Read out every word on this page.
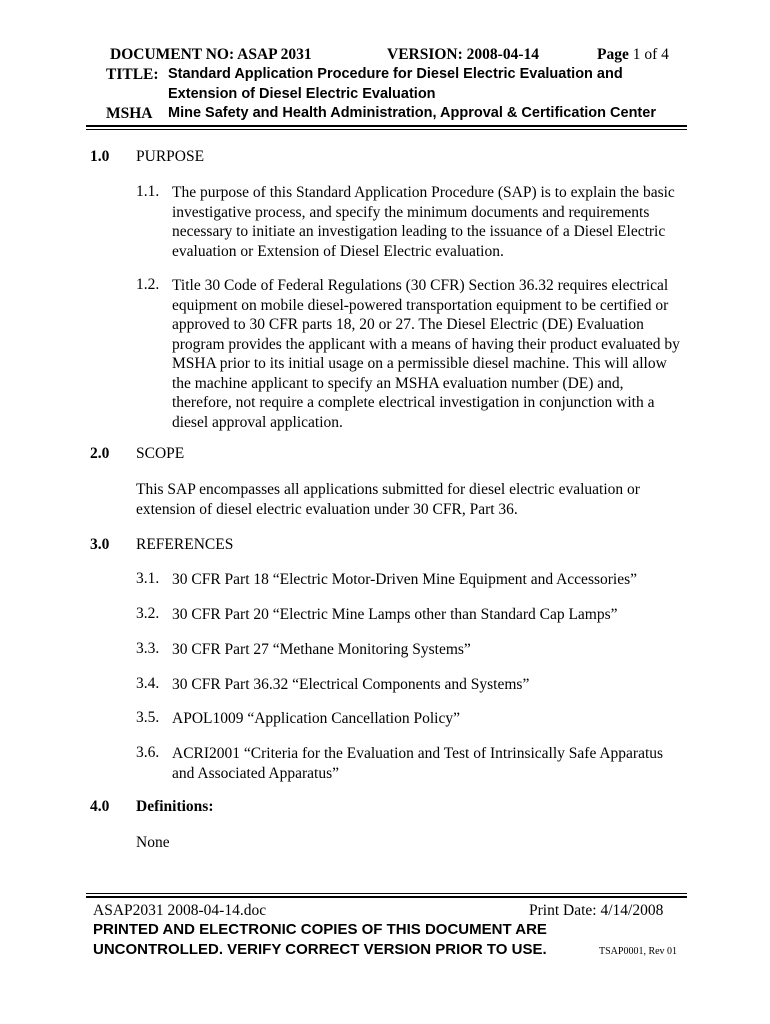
DOCUMENT NO: ASAP 2031	VERSION: 2008-04-14	Page 1 of 4
TITLE: Standard Application Procedure for Diesel Electric Evaluation and
Extension of Diesel Electric Evaluation
MSHA Mine Safety and Health Administration, Approval & Certification Center
1.0 PURPOSE
1.1. The purpose of this Standard Application Procedure (SAP) is to explain the basic investigative process, and specify the minimum documents and requirements necessary to initiate an investigation leading to the issuance of a Diesel Electric evaluation or Extension of Diesel Electric evaluation.
1.2. Title 30 Code of Federal Regulations (30 CFR) Section 36.32 requires electrical equipment on mobile diesel-powered transportation equipment to be certified or approved to 30 CFR parts 18, 20 or 27. The Diesel Electric (DE) Evaluation program provides the applicant with a means of having their product evaluated by MSHA prior to its initial usage on a permissible diesel machine. This will allow the machine applicant to specify an MSHA evaluation number (DE) and, therefore, not require a complete electrical investigation in conjunction with a diesel approval application.
2.0 SCOPE
This SAP encompasses all applications submitted for diesel electric evaluation or extension of diesel electric evaluation under 30 CFR, Part 36.
3.0 REFERENCES
3.1. 30 CFR Part 18 “Electric Motor-Driven Mine Equipment and Accessories”
3.2. 30 CFR Part 20 “Electric Mine Lamps other than Standard Cap Lamps”
3.3. 30 CFR Part 27 “Methane Monitoring Systems”
3.4. 30 CFR Part 36.32 “Electrical Components and Systems”
3.5. APOL1009 “Application Cancellation Policy”
3.6. ACRI2001 “Criteria for the Evaluation and Test of Intrinsically Safe Apparatus and Associated Apparatus”
4.0 Definitions:
None
ASAP2031 2008-04-14.doc	Print Date: 4/14/2008
PRINTED AND ELECTRONIC COPIES OF THIS DOCUMENT ARE
UNCONTROLLED. VERIFY CORRECT VERSION PRIOR TO USE.	TSAP0001, Rev 01
